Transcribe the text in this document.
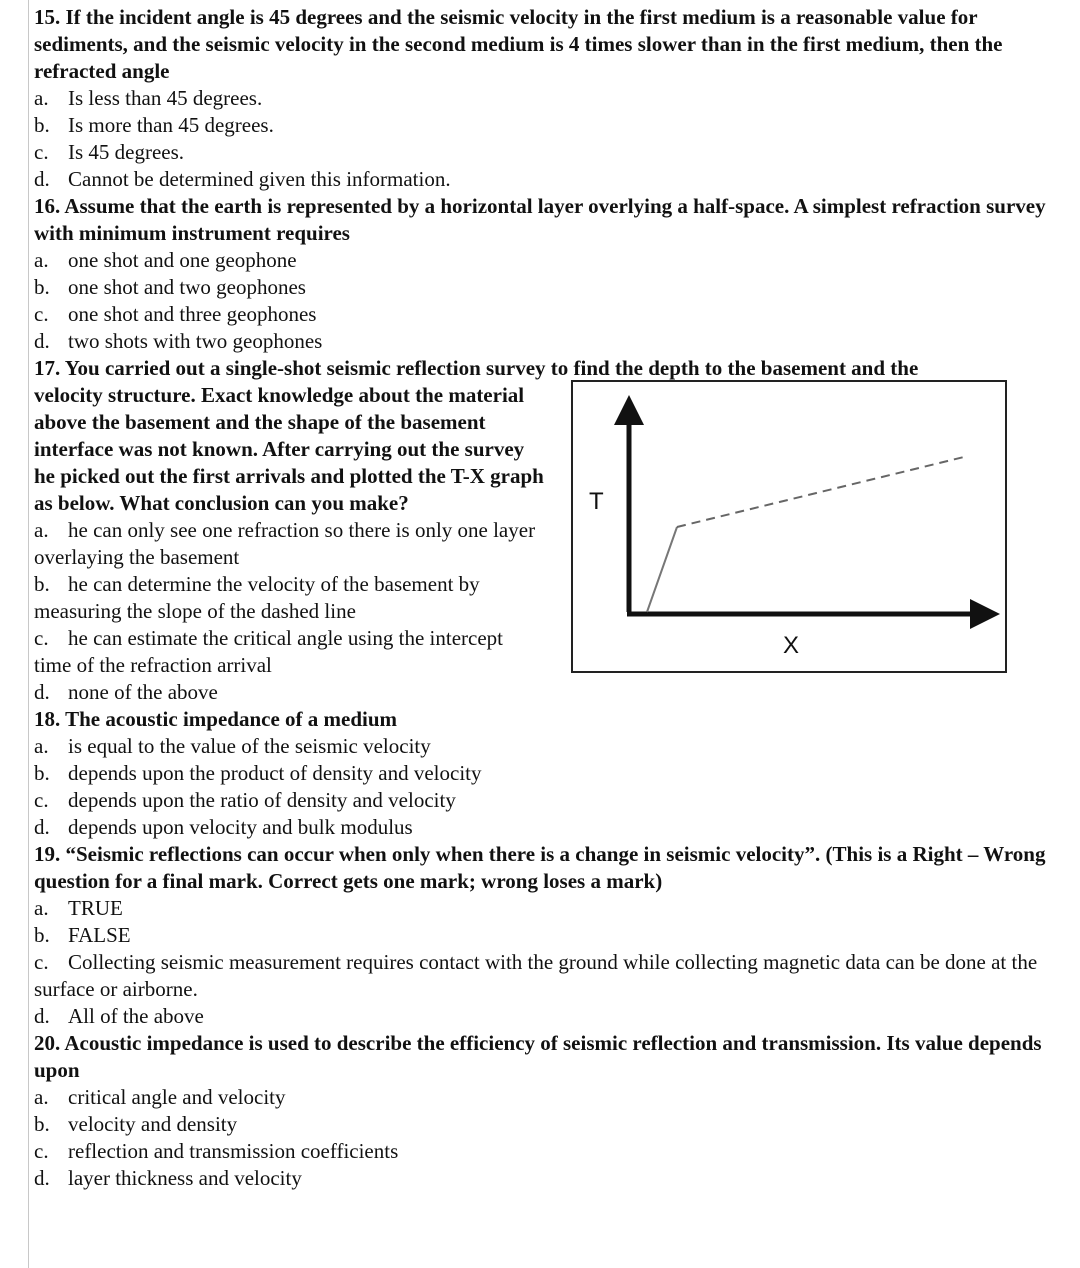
15. If the incident angle is 45 degrees and the seismic velocity in the first medium is a reasonable value for sediments, and the seismic velocity in the second medium is 4 times slower than in the first medium, then the refracted angle

a. Is less than 45 degrees.

b. Is more than 45 degrees.

c. Is 45 degrees.

d. Cannot be determined given this information.

16. Assume that the earth is represented by a horizontal layer overlying a half-space. A simplest refraction survey with minimum instrument requires

a. one shot and one geophone

b. one shot and two geophones

c. one shot and three geophones

d. two shots with two geophones

17. You carried out a single-shot seismic reflection survey to find the depth to the basement and the

velocity structure. Exact knowledge about the material above the basement and the shape of the basement interface was not known. After carrying out the survey he picked out the first arrivals and plotted the T-X graph as below. What conclusion can you make?

a. he can only see one refraction so there is only one layer overlaying the basement

b. he can determine the velocity of the basement by measuring the slope of the dashed line

c. he can estimate the critical angle using the intercept time of the refraction arrival

d. none of the above

T
X

18. The acoustic impedance of a medium

a. is equal to the value of the seismic velocity

b. depends upon the product of density and velocity

c. depends upon the ratio of density and velocity

d. depends upon velocity and bulk modulus

19. “Seismic reflections can occur when only when there is a change in seismic velocity”. (This is a Right – Wrong question for a final mark. Correct gets one mark; wrong loses a mark)

a. TRUE

b. FALSE

c. Collecting seismic measurement requires contact with the ground while collecting magnetic data can be done at the surface or airborne.

d. All of the above

20. Acoustic impedance is used to describe the efficiency of seismic reflection and transmission. Its value depends upon

a. critical angle and velocity

b. velocity and density

c. reflection and transmission coefficients

d. layer thickness and velocity
